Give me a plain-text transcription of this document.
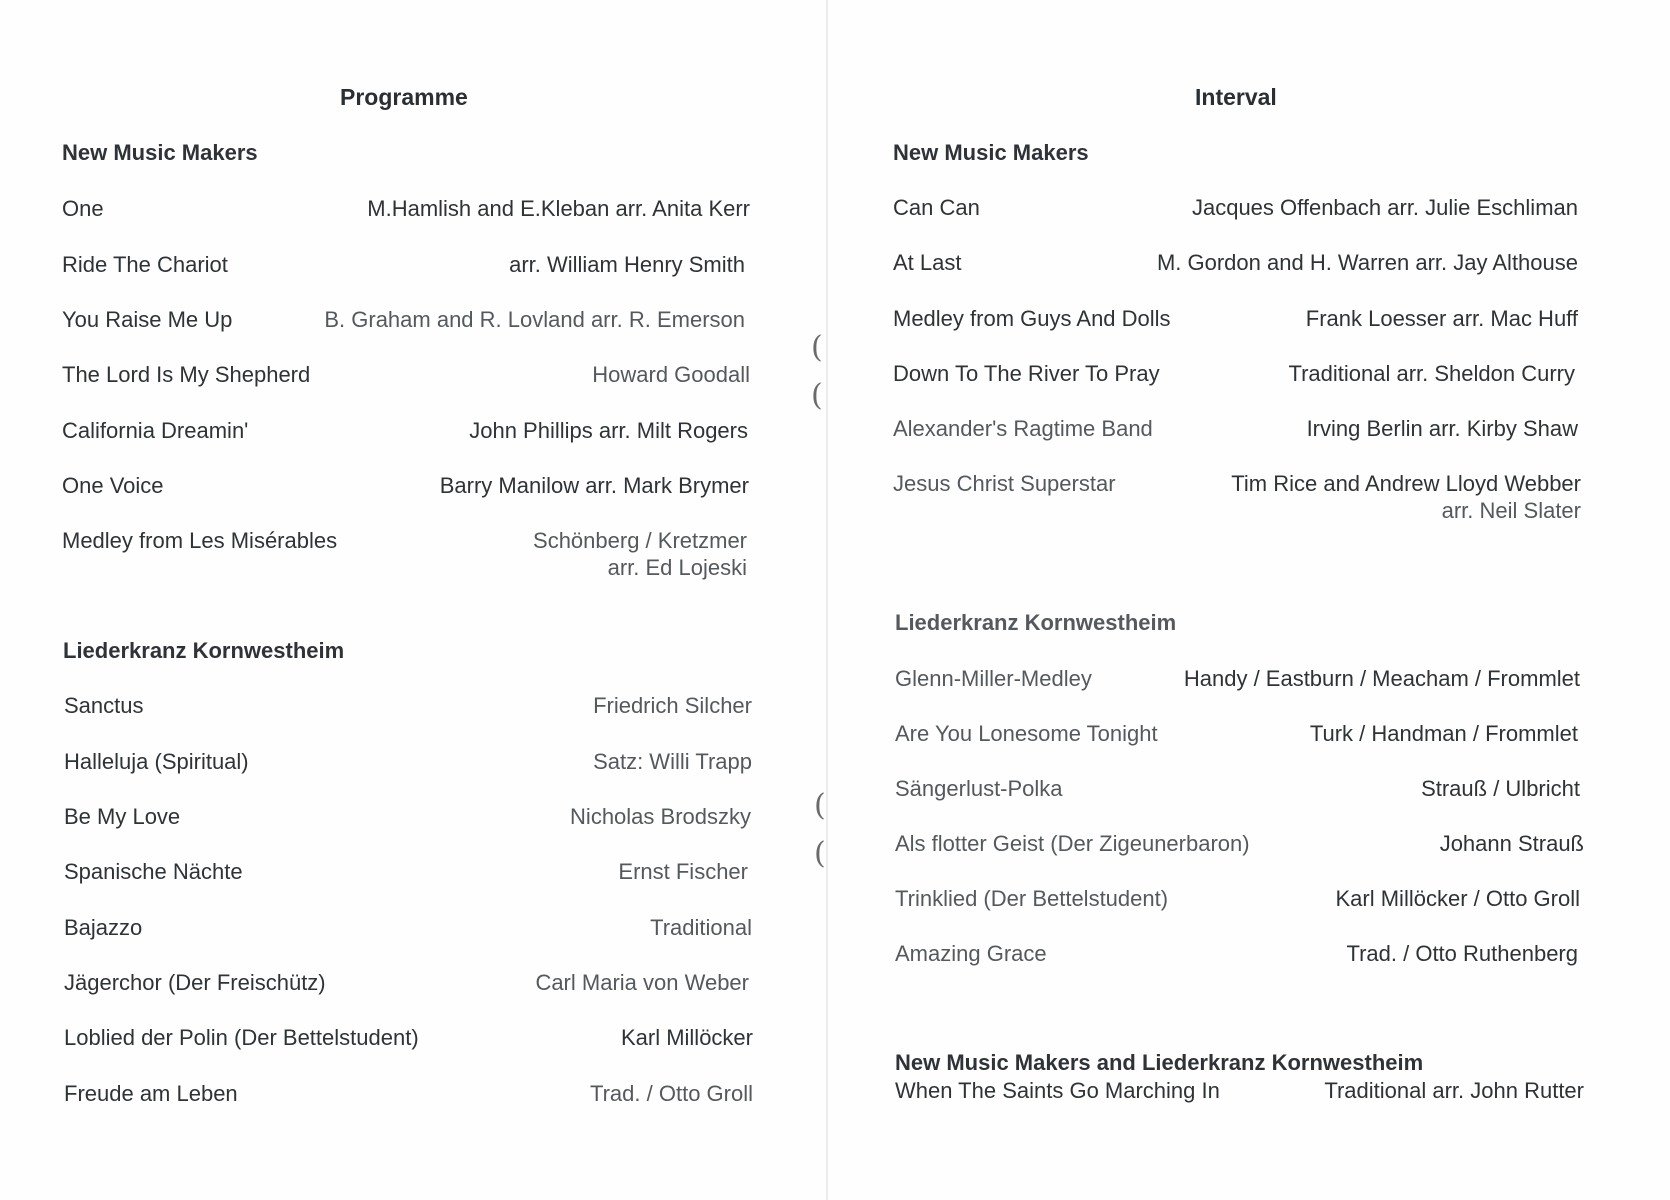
Programme
New Music Makers
One	M.Hamlish and E.Kleban arr. Anita Kerr
Ride The Chariot	arr. William Henry Smith
You Raise Me Up	B. Graham and R. Lovland arr. R. Emerson
The Lord Is My Shepherd	Howard Goodall
California Dreamin'	John Phillips arr. Milt Rogers
One Voice	Barry Manilow arr. Mark Brymer
Medley from Les Misérables	Schönberg / Kretzmer
arr. Ed Lojeski
Liederkranz Kornwestheim
Sanctus	Friedrich Silcher
Halleluja (Spiritual)	Satz: Willi Trapp
Be My Love	Nicholas Brodszky
Spanische Nächte	Ernst Fischer
Bajazzo	Traditional
Jägerchor (Der Freischütz)	Carl Maria von Weber
Loblied der Polin (Der Bettelstudent)	Karl Millöcker
Freude am Leben	Trad. / Otto Groll
(
(
(
(
Interval
New Music Makers
Can Can	Jacques Offenbach arr. Julie Eschliman
At Last	M. Gordon and H. Warren arr. Jay Althouse
Medley from Guys And Dolls	Frank Loesser arr. Mac Huff
Down To The River To Pray	Traditional arr. Sheldon Curry
Alexander's Ragtime Band	Irving Berlin arr. Kirby Shaw
Jesus Christ Superstar	Tim Rice and Andrew Lloyd Webber
arr. Neil Slater
Liederkranz Kornwestheim
Glenn-Miller-Medley	Handy / Eastburn / Meacham / Frommlet
Are You Lonesome Tonight	Turk / Handman / Frommlet
Sängerlust-Polka	Strauß / Ulbricht
Als flotter Geist (Der Zigeunerbaron)	Johann Strauß
Trinklied (Der Bettelstudent)	Karl Millöcker / Otto Groll
Amazing Grace	Trad. / Otto Ruthenberg
New Music Makers and Liederkranz Kornwestheim
When The Saints Go Marching In	Traditional arr. John Rutter
